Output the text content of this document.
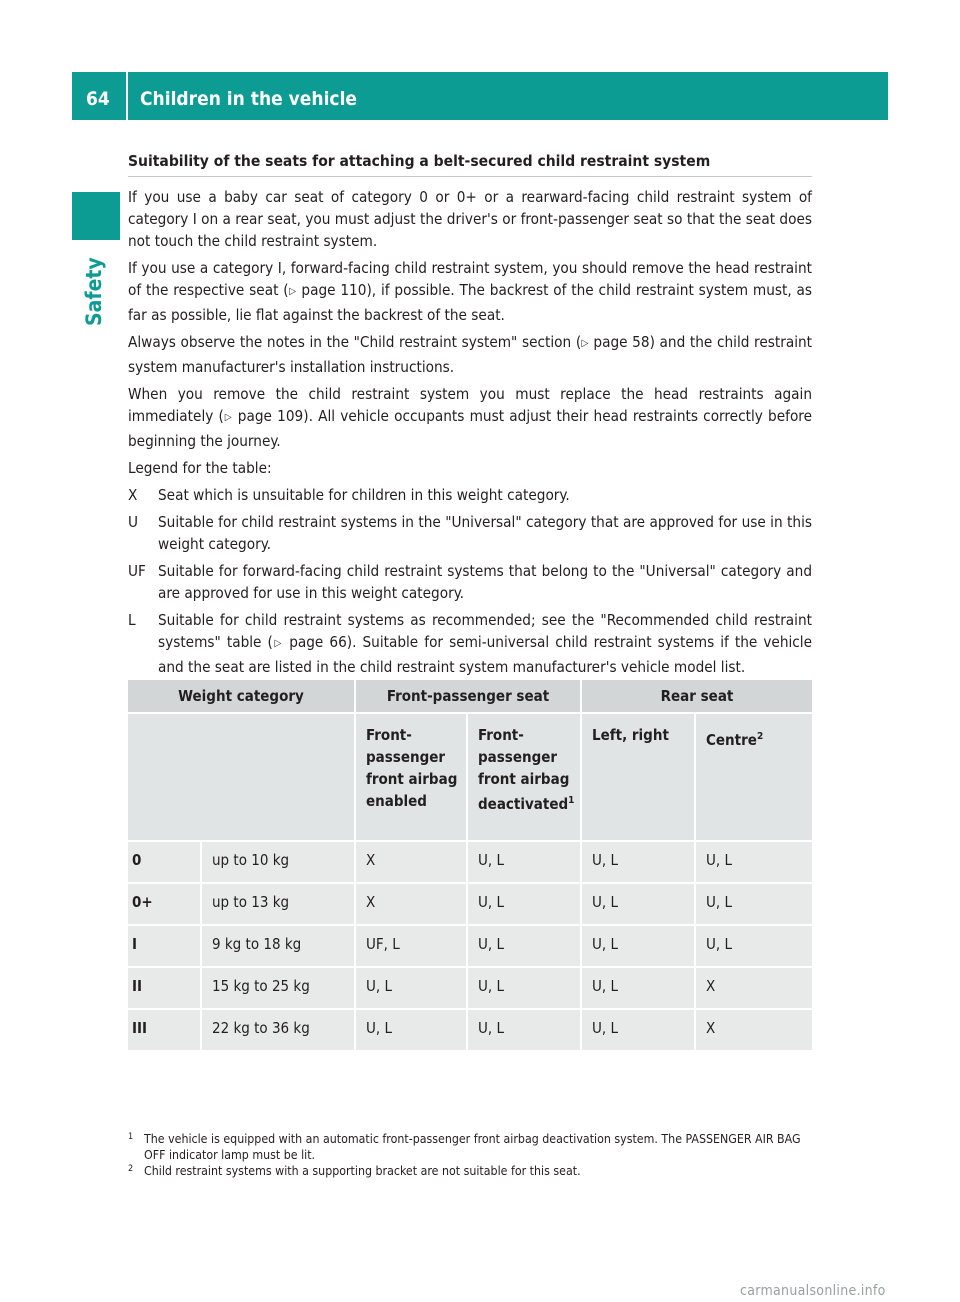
64	Children in the vehicle
Safety
Suitability of the seats for attaching a belt-secured child restraint system

If you use a baby car seat of category 0 or 0+ or a rearward-facing child restraint system of category I on a rear seat, you must adjust the driver's or front-passenger seat so that the seat does not touch the child restraint system.

If you use a category I, forward-facing child restraint system, you should remove the head restraint of the respective seat (▷ page 110), if possible. The backrest of the child restraint system must, as far as possible, lie flat against the backrest of the seat.

Always observe the notes in the "Child restraint system" section (▷ page 58) and the child restraint system manufacturer's installation instructions.

When you remove the child restraint system you must replace the head restraints again immediately (▷ page 109). All vehicle occupants must adjust their head restraints correctly before beginning the journey.

Legend for the table:

X	Seat which is unsuitable for children in this weight category.
U	Suitable for child restraint systems in the "Universal" category that are approved for use in this weight category.
UF Suitable for forward-facing child restraint systems that belong to the "Universal" category and are approved for use in this weight category.
L	Suitable for child restraint systems as recommended; see the "Recommended child restraint systems" table (▷ page 66). Suitable for semi-universal child restraint systems if the vehicle and the seat are listed in the child restraint system manufacturer's vehicle model list.
Weight category		Front-passenger seat		Rear seat	
		Front-passenger front airbag enabled	Front-passenger front airbag deactivated$^1$	Left, right	Centre$^2$
0	up to 10 kg	X	U, L	U, L	U, L
0+	up to 13 kg	X	U, L	U, L	U, L
I	9 kg to 18 kg	UF, L	U, L	U, L	U, L
II	15 kg to 25 kg	U, L	U, L	U, L	X
III	22 kg to 36 kg	U, L	U, L	U, L	X
1 The vehicle is equipped with an automatic front-passenger front airbag deactivation system. The PASSENGER AIR BAG OFF indicator lamp must be lit.
2 Child restraint systems with a supporting bracket are not suitable for this seat.
carmanualsonline.info
